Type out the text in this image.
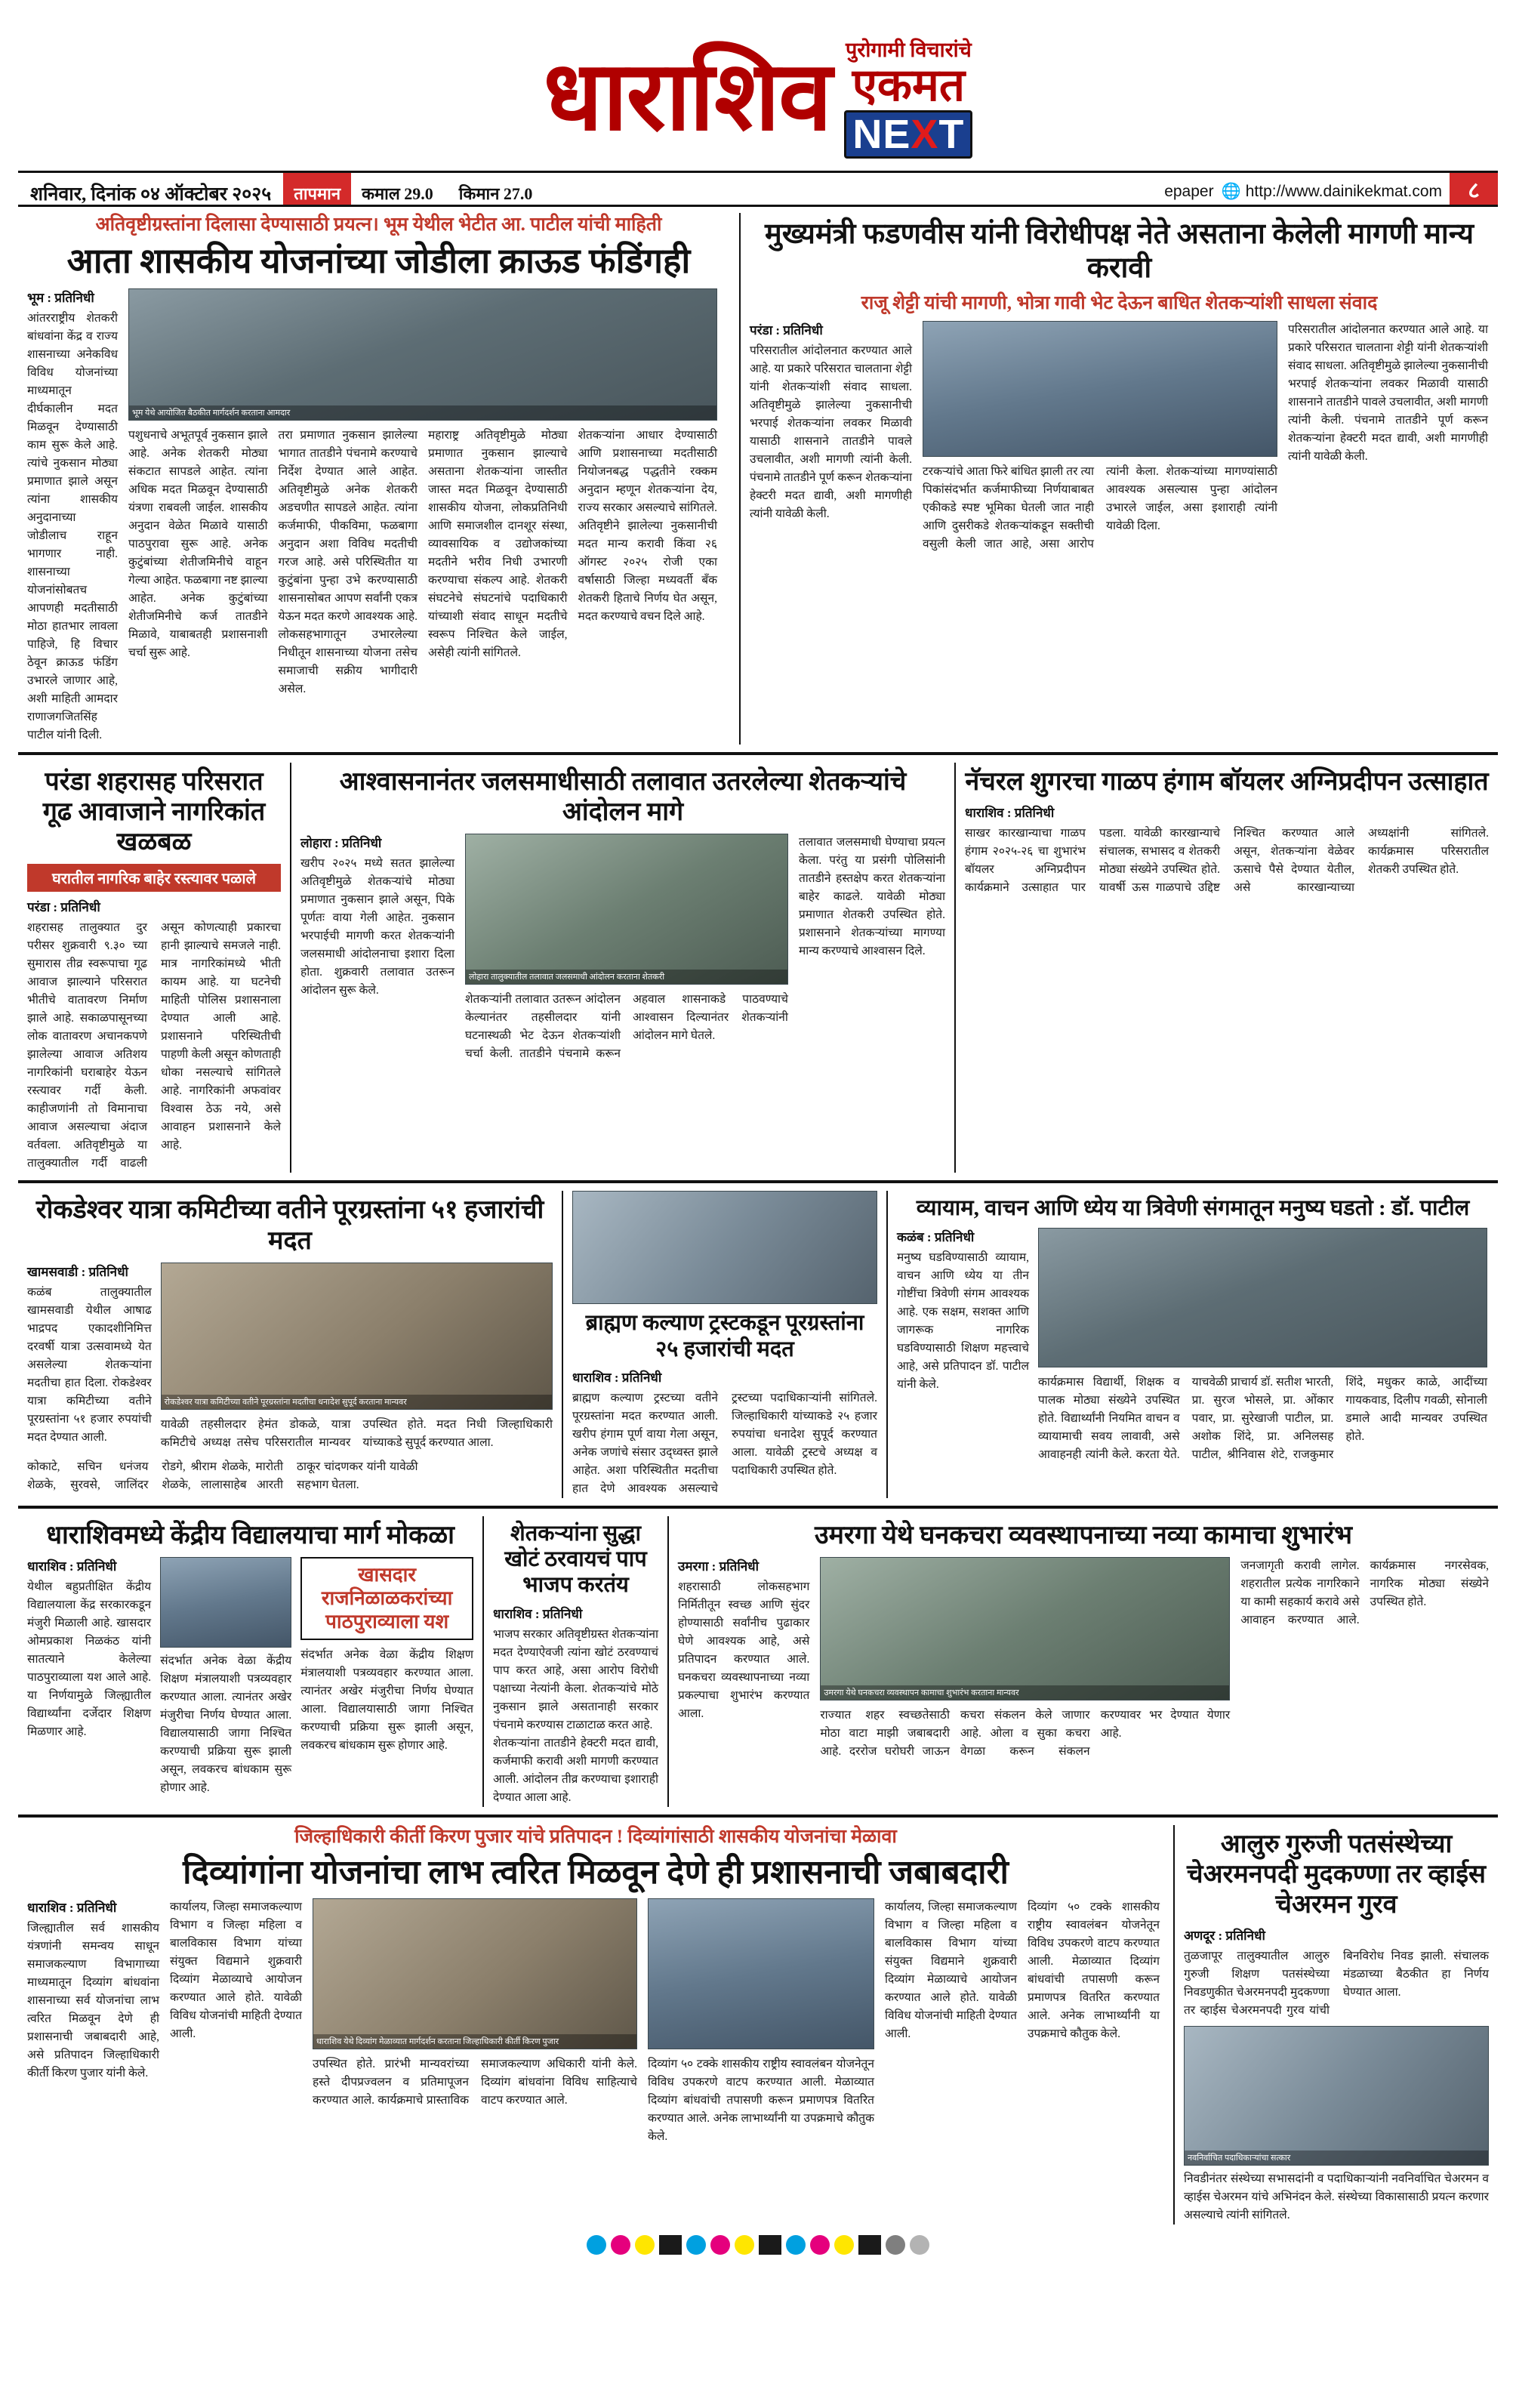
धाराशिव पुरोगामी विचारांचे
एकमत
NE X T
शनिवार, दिनांक ०४ ऑक्टोबर २०२५	तापमान	कमाल 29.0 किमान 27.0	epaper 🌐 http://www.dainikekmat.com	८
अतिवृष्टीग्रस्तांना दिलासा देण्यासाठी प्रयत्न। भूम येथील भेटीत आ. पाटील यांची माहिती
आता शासकीय योजनांच्या जोडीला क्राऊड फंडिंगही
भूम : प्रतिनिधी
आंतरराष्ट्रीय शेतकरी बांधवांना केंद्र व राज्य शासनाच्या अनेकविध विविध योजनांच्या माध्यमातून दीर्घकालीन मदत मिळवून देण्यासाठी काम सुरू केले आहे. त्यांचे नुकसान मोठ्या प्रमाणात झाले असून त्यांना शासकीय अनुदानाच्या जोडीलाच राहून भागणार नाही. शासनाच्या योजनांसोबतच आपणही मदतीसाठी मोठा हातभार लावला पाहिजे, हि विचार ठेवून क्राऊड फंडिंग उभारले जाणार आहे, अशी माहिती आमदार राणाजगजितसिंह पाटील यांनी दिली.
भूम येथे आयोजित बैठकीत मार्गदर्शन करताना आमदार
पशुधनाचे अभूतपूर्व नुकसान झाले आहे. अनेक शेतकरी मोठ्या संकटात सापडले आहेत. त्यांना अधिक मदत मिळवून देण्यासाठी यंत्रणा राबवली जाईल. शासकीय अनुदान वेळेत मिळावे यासाठी पाठपुरावा सुरू आहे. अनेक कुटुंबांच्या शेतीजमिनीचे वाहून गेल्या आहेत. फळबागा नष्ट झाल्या आहेत. अनेक कुटुंबांच्या शेतीजमिनीचे कर्ज तातडीने मिळावे, याबाबतही प्रशासनाशी चर्चा सुरू आहे.
तरा प्रमाणात नुकसान झालेल्या भागात तातडीने पंचनामे करण्याचे निर्देश देण्यात आले आहेत. अतिवृष्टीमुळे अनेक शेतकरी अडचणीत सापडले आहेत. त्यांना कर्जमाफी, पीकविमा, फळबागा अनुदान अशा विविध मदतीची गरज आहे. असे परिस्थितीत या कुटुंबांना पुन्हा उभे करण्यासाठी शासनासोबत आपण सर्वांनी एकत्र येऊन मदत करणे आवश्यक आहे. लोकसहभागातून उभारलेल्या निधीतून शासनाच्या योजना तसेच समाजाची सक्रीय भागीदारी असेल.
महाराष्ट्र अतिवृष्टीमुळे मोठ्या प्रमाणात नुकसान झाल्याचे असताना शेतकऱ्यांना जास्तीत जास्त मदत मिळवून देण्यासाठी शासकीय योजना, लोकप्रतिनिधी आणि समाजशील दानशूर संस्था, व्यावसायिक व उद्योजकांच्या मदतीने भरीव निधी उभारणी करण्याचा संकल्प आहे. शेतकरी संघटनेचे संघटनांचे पदाधिकारी यांच्याशी संवाद साधून मदतीचे स्वरूप निश्चित केले जाईल, असेही त्यांनी सांगितले.
शेतकऱ्यांना आधार देण्यासाठी आणि प्रशासनाच्या मदतीसाठी नियोजनबद्ध पद्धतीने रक्कम अनुदान म्हणून शेतकऱ्यांना देय, राज्य सरकार असल्याचे सांगितले. अतिवृष्टीने झालेल्या नुकसानीची मदत मान्य करावी किंवा २६ ऑगस्ट २०२५ रोजी एका वर्षासाठी जिल्हा मध्यवर्ती बँक शेतकरी हिताचे निर्णय घेत असून, मदत करण्याचे वचन दिले आहे.
मुख्यमंत्री फडणवीस यांनी विरोधीपक्ष नेते असताना केलेली मागणी मान्य करावी
राजू शेट्टी यांची मागणी, भोत्रा गावी भेट देऊन बाधित शेतकऱ्यांशी साधला संवाद
परंडा : प्रतिनिधी
परिसरातील आंदोलनात करण्यात आले आहे. या प्रकारे परिसरात चालताना शेट्टी यांनी शेतकऱ्यांशी संवाद साधला. अतिवृष्टीमुळे झालेल्या नुकसानीची भरपाई शेतकऱ्यांना लवकर मिळावी यासाठी शासनाने तातडीने पावले उचलावीत, अशी मागणी त्यांनी केली. पंचनामे तातडीने पूर्ण करून शेतकऱ्यांना हेक्टरी मदत द्यावी, अशी मागणीही त्यांनी यावेळी केली.
टरकऱ्यांचे आता फिरे बांधित झाली तर त्या पिकांसंदर्भात कर्जमाफीच्या निर्णयाबाबत एकीकडे स्पष्ट भूमिका घेतली जात नाही आणि दुसरीकडे शेतकऱ्यांकडून सक्तीची वसुली केली जात आहे, असा आरोप त्यांनी केला. शेतकऱ्यांच्या मागण्यांसाठी आवश्यक असल्यास पुन्हा आंदोलन उभारले जाईल, असा इशाराही त्यांनी यावेळी दिला.
परिसरातील आंदोलनात करण्यात आले आहे. या प्रकारे परिसरात चालताना शेट्टी यांनी शेतकऱ्यांशी संवाद साधला. अतिवृष्टीमुळे झालेल्या नुकसानीची भरपाई शेतकऱ्यांना लवकर मिळावी यासाठी शासनाने तातडीने पावले उचलावीत, अशी मागणी त्यांनी केली. पंचनामे तातडीने पूर्ण करून शेतकऱ्यांना हेक्टरी मदत द्यावी, अशी मागणीही त्यांनी यावेळी केली.
परंडा शहरासह परिसरात गूढ आवाजाने नागरिकांत खळबळ
घरातील नागरिक बाहेर रस्त्यावर पळाले
परंडा : प्रतिनिधी
शहरासह तालुक्यात दुर परीसर शुक्रवारी ९.३० च्या सुमारास तीव्र स्वरूपाचा गूढ आवाज झाल्याने परिसरात भीतीचे वातावरण निर्माण झाले आहे. सकाळपासूनच्या लोक वातावरण अचानकपणे झालेल्या आवाज अतिशय नागरिकांनी घराबाहेर येऊन रस्त्यावर गर्दी केली. काहीजणांनी तो विमानाचा आवाज असल्याचा अंदाज वर्तवला. अतिवृष्टीमुळे या तालुक्यातील गर्दी वाढली असून कोणत्याही प्रकारचा हानी झाल्याचे समजले नाही. मात्र नागरिकांमध्ये भीती कायम आहे. या घटनेची माहिती पोलिस प्रशासनाला देण्यात आली आहे. प्रशासनाने परिस्थितीची पाहणी केली असून कोणताही धोका नसल्याचे सांगितले आहे. नागरिकांनी अफवांवर विश्वास ठेऊ नये, असे आवाहन प्रशासनाने केले आहे.
आश्वासनानंतर जलसमाधीसाठी तलावात उतरलेल्या शेतकऱ्यांचे आंदोलन मागे
लोहारा : प्रतिनिधी
खरीप २०२५ मध्ये सतत झालेल्या अतिवृष्टीमुळे शेतकऱ्यांचे मोठ्या प्रमाणात नुकसान झाले असून, पिके पूर्णतः वाया गेली आहेत. नुकसान भरपाईची मागणी करत शेतकऱ्यांनी जलसमाधी आंदोलनाचा इशारा दिला होता. शुक्रवारी तलावात उतरून आंदोलन सुरू केले.
लोहारा तालुक्यातील तलावात जलसमाधी आंदोलन करताना शेतकरी
शेतकऱ्यांनी तलावात उतरून आंदोलन केल्यानंतर तहसीलदार यांनी घटनास्थळी भेट देऊन शेतकऱ्यांशी चर्चा केली. तातडीने पंचनामे करून अहवाल शासनाकडे पाठवण्याचे आश्वासन दिल्यानंतर शेतकऱ्यांनी आंदोलन मागे घेतले.
तलावात जलसमाधी घेण्याचा प्रयत्न केला. परंतु या प्रसंगी पोलिसांनी तातडीने हस्तक्षेप करत शेतकऱ्यांना बाहेर काढले. यावेळी मोठ्या प्रमाणात शेतकरी उपस्थित होते. प्रशासनाने शेतकऱ्यांच्या मागण्या मान्य करण्याचे आश्वासन दिले.
नॅचरल शुगरचा गाळप हंगाम बॉयलर अग्निप्रदीपन उत्साहात
धाराशिव : प्रतिनिधी
साखर कारखान्याचा गाळप हंगाम २०२५-२६ चा शुभारंभ बॉयलर अग्निप्रदीपन कार्यक्रमाने उत्साहात पार पडला. यावेळी कारखान्याचे संचालक, सभासद व शेतकरी मोठ्या संख्येने उपस्थित होते. यावर्षी ऊस गाळपाचे उद्दिष्ट निश्चित करण्यात आले असून, शेतकऱ्यांना वेळेवर ऊसाचे पैसे देण्यात येतील, असे कारखान्याच्या अध्यक्षांनी सांगितले. कार्यक्रमास परिसरातील शेतकरी उपस्थित होते.
रोकडेश्वर यात्रा कमिटीच्या वतीने पूरग्रस्तांना ५१ हजारांची मदत
खामसवाडी : प्रतिनिधी
कळंब तालुक्यातील खामसवाडी येथील आषाढ भाद्रपद एकादशीनिमित्त दरवर्षी यात्रा उत्सवामध्ये येत असलेल्या शेतकऱ्यांना मदतीचा हात दिला. रोकडेश्वर यात्रा कमिटीच्या वतीने पूरग्रस्तांना ५१ हजार रुपयांची मदत देण्यात आली.
रोकडेश्वर यात्रा कमिटीच्या वतीने पूरग्रस्तांना मदतीचा धनादेश सुपूर्द करताना मान्यवर
यावेळी तहसीलदार हेमंत डोकळे, यात्रा कमिटीचे अध्यक्ष तसेच परिसरातील मान्यवर उपस्थित होते. मदत निधी जिल्हाधिकारी यांच्याकडे सुपूर्द करण्यात आला.
कोकाटे, सचिन धनंजय शेळके, सुरवसे, जालिंदर रोडगे, श्रीराम शेळके, मारोती शेळके, लालासाहेब आरती ठाकूर चांदणकर यांनी यावेळी सहभाग घेतला.
ब्राह्मण कल्याण ट्रस्टकडून पूरग्रस्तांना २५ हजारांची मदत
धाराशिव : प्रतिनिधी
ब्राह्मण कल्याण ट्रस्टच्या वतीने पूरग्रस्तांना मदत करण्यात आली. खरीप हंगाम पूर्ण वाया गेला असून, अनेक जणांचे संसार उद्ध्वस्त झाले आहेत. अशा परिस्थितीत मदतीचा हात देणे आवश्यक असल्याचे ट्रस्टच्या पदाधिकाऱ्यांनी सांगितले. जिल्हाधिकारी यांच्याकडे २५ हजार रुपयांचा धनादेश सुपूर्द करण्यात आला. यावेळी ट्रस्टचे अध्यक्ष व पदाधिकारी उपस्थित होते.
व्यायाम, वाचन आणि ध्येय या त्रिवेणी संगमातून मनुष्य घडतो : डॉ. पाटील
कळंब : प्रतिनिधी
मनुष्य घडविण्यासाठी व्यायाम, वाचन आणि ध्येय या तीन गोष्टींचा त्रिवेणी संगम आवश्यक आहे. एक सक्षम, सशक्त आणि जागरूक नागरिक घडविण्यासाठी शिक्षण महत्त्वाचे आहे, असे प्रतिपादन डॉ. पाटील यांनी केले.	कार्यक्रमास विद्यार्थी, शिक्षक व पालक मोठ्या संख्येने उपस्थित होते. विद्यार्थ्यांनी नियमित वाचन व व्यायामाची सवय लावावी, असे आवाहनही त्यांनी केले. करता येते. याचवेळी प्राचार्य डॉ. सतीश भारती, प्रा. सुरज भोसले, प्रा. ओंकार पवार, प्रा. सुरेखाजी पाटील, प्रा. अशोक शिंदे, प्रा. अनिलसह पाटील, श्रीनिवास शेटे, राजकुमार शिंदे, मधुकर काळे, आदींच्या गायकवाड, दिलीप गवळी, सोनाली डमाले आदी मान्यवर उपस्थित होते.
धाराशिवमध्ये केंद्रीय विद्यालयाचा मार्ग मोकळा
धाराशिव : प्रतिनिधी
येथील बहुप्रतीक्षित केंद्रीय विद्यालयाला केंद्र सरकारकडून मंजुरी मिळाली आहे. खासदार ओमप्रकाश निळकंठ यांनी सातत्याने केलेल्या पाठपुराव्याला यश आले आहे. या निर्णयामुळे जिल्ह्यातील विद्यार्थ्यांना दर्जेदार शिक्षण मिळणार आहे.
संदर्भात अनेक वेळा केंद्रीय शिक्षण मंत्रालयाशी पत्रव्यवहार करण्यात आला. त्यानंतर अखेर मंजुरीचा निर्णय घेण्यात आला. विद्यालयासाठी जागा निश्चित करण्याची प्रक्रिया सुरू झाली असून, लवकरच बांधकाम सुरू होणार आहे.
खासदार राजनिळाळकरांच्या पाठपुराव्याला यश
संदर्भात अनेक वेळा केंद्रीय शिक्षण मंत्रालयाशी पत्रव्यवहार करण्यात आला. त्यानंतर अखेर मंजुरीचा निर्णय घेण्यात आला. विद्यालयासाठी जागा निश्चित करण्याची प्रक्रिया सुरू झाली असून, लवकरच बांधकाम सुरू होणार आहे.
शेतकऱ्यांना सुद्धा खोटं ठरवायचं पाप भाजप करतंय
धाराशिव : प्रतिनिधी
भाजप सरकार अतिवृष्टीग्रस्त शेतकऱ्यांना मदत देण्याऐवजी त्यांना खोटं ठरवण्याचं पाप करत आहे, असा आरोप विरोधी पक्षाच्या नेत्यांनी केला. शेतकऱ्यांचे मोठे नुकसान झाले असतानाही सरकार पंचनामे करण्यास टाळाटाळ करत आहे.
शेतकऱ्यांना तातडीने हेक्टरी मदत द्यावी, कर्जमाफी करावी अशी मागणी करण्यात आली. आंदोलन तीव्र करण्याचा इशाराही देण्यात आला आहे.
उमरगा येथे घनकचरा व्यवस्थापनाच्या नव्या कामाचा शुभारंभ
उमरगा : प्रतिनिधी
शहरासाठी लोकसहभाग निर्मितीतून स्वच्छ आणि सुंदर होण्यासाठी सर्वांनीच पुढाकार घेणे आवश्यक आहे, असे प्रतिपादन करण्यात आले. घनकचरा व्यवस्थापनाच्या नव्या प्रकल्पाचा शुभारंभ करण्यात आला.
उमरगा येथे घनकचरा व्यवस्थापन कामाचा शुभारंभ करताना मान्यवर
राज्यात शहर स्वच्छतेसाठी मोठा वाटा माझी जबाबदारी आहे. दररोज घरोघरी जाऊन कचरा संकलन केले जाणार आहे. ओला व सुका कचरा वेगळा करून संकलन करण्यावर भर देण्यात येणार आहे.
जनजागृती करावी लागेल. शहरातील प्रत्येक नागरिकाने या कामी सहकार्य करावे असे आवाहन करण्यात आले. कार्यक्रमास नगरसेवक, नागरिक मोठ्या संख्येने उपस्थित होते.
जिल्हाधिकारी कीर्ती किरण पुजार यांचे प्रतिपादन ! दिव्यांगांसाठी शासकीय योजनांचा मेळावा
दिव्यांगांना योजनांचा लाभ त्वरित मिळवून देणे ही प्रशासनाची जबाबदारी
धाराशिव : प्रतिनिधी
जिल्ह्यातील सर्व शासकीय यंत्रणांनी समन्वय साधून समाजकल्याण विभागाच्या माध्यमातून दिव्यांग बांधवांना शासनाच्या सर्व योजनांचा लाभ त्वरित मिळवून देणे ही प्रशासनाची जबाबदारी आहे, असे प्रतिपादन जिल्हाधिकारी कीर्ती किरण पुजार यांनी केले.
कार्यालय, जिल्हा समाजकल्याण विभाग व जिल्हा महिला व बालविकास विभाग यांच्या संयुक्त विद्यमाने शुक्रवारी दिव्यांग मेळाव्याचे आयोजन करण्यात आले होते. यावेळी विविध योजनांची माहिती देण्यात आली.
धाराशिव येथे दिव्यांग मेळाव्यात मार्गदर्शन करताना जिल्हाधिकारी कीर्ती किरण पुजार
उपस्थित होते. प्रारंभी मान्यवरांच्या हस्ते दीपप्रज्वलन व प्रतिमापूजन करण्यात आले. कार्यक्रमाचे प्रास्ताविक समाजकल्याण अधिकारी यांनी केले. दिव्यांग बांधवांना विविध साहित्याचे वाटप करण्यात आले.
दिव्यांग ५० टक्के शासकीय राष्ट्रीय स्वावलंबन योजनेतून विविध उपकरणे वाटप करण्यात आली. मेळाव्यात दिव्यांग बांधवांची तपासणी करून प्रमाणपत्र वितरित करण्यात आले. अनेक लाभार्थ्यांनी या उपक्रमाचे कौतुक केले.
कार्यालय, जिल्हा समाजकल्याण विभाग व जिल्हा महिला व बालविकास विभाग यांच्या संयुक्त विद्यमाने शुक्रवारी दिव्यांग मेळाव्याचे आयोजन करण्यात आले होते. यावेळी विविध योजनांची माहिती देण्यात आली.
दिव्यांग ५० टक्के शासकीय राष्ट्रीय स्वावलंबन योजनेतून विविध उपकरणे वाटप करण्यात आली. मेळाव्यात दिव्यांग बांधवांची तपासणी करून प्रमाणपत्र वितरित करण्यात आले. अनेक लाभार्थ्यांनी या उपक्रमाचे कौतुक केले.
आलुरु गुरुजी पतसंस्थेच्या चेअरमनपदी मुदकण्णा तर व्हाईस चेअरमन गुरव
अणदूर : प्रतिनिधी
तुळजापूर तालुक्यातील आलुरु गुरुजी शिक्षण पतसंस्थेच्या निवडणुकीत चेअरमनपदी मुदकण्णा तर व्हाईस चेअरमनपदी गुरव यांची बिनविरोध निवड झाली. संचालक मंडळाच्या बैठकीत हा निर्णय घेण्यात आला.
नवनिर्वाचित पदाधिकाऱ्यांचा सत्कार
निवडीनंतर संस्थेच्या सभासदांनी व पदाधिकाऱ्यांनी नवनिर्वाचित चेअरमन व व्हाईस चेअरमन यांचे अभिनंदन केले. संस्थेच्या विकासासाठी प्रयत्न करणार असल्याचे त्यांनी सांगितले.
